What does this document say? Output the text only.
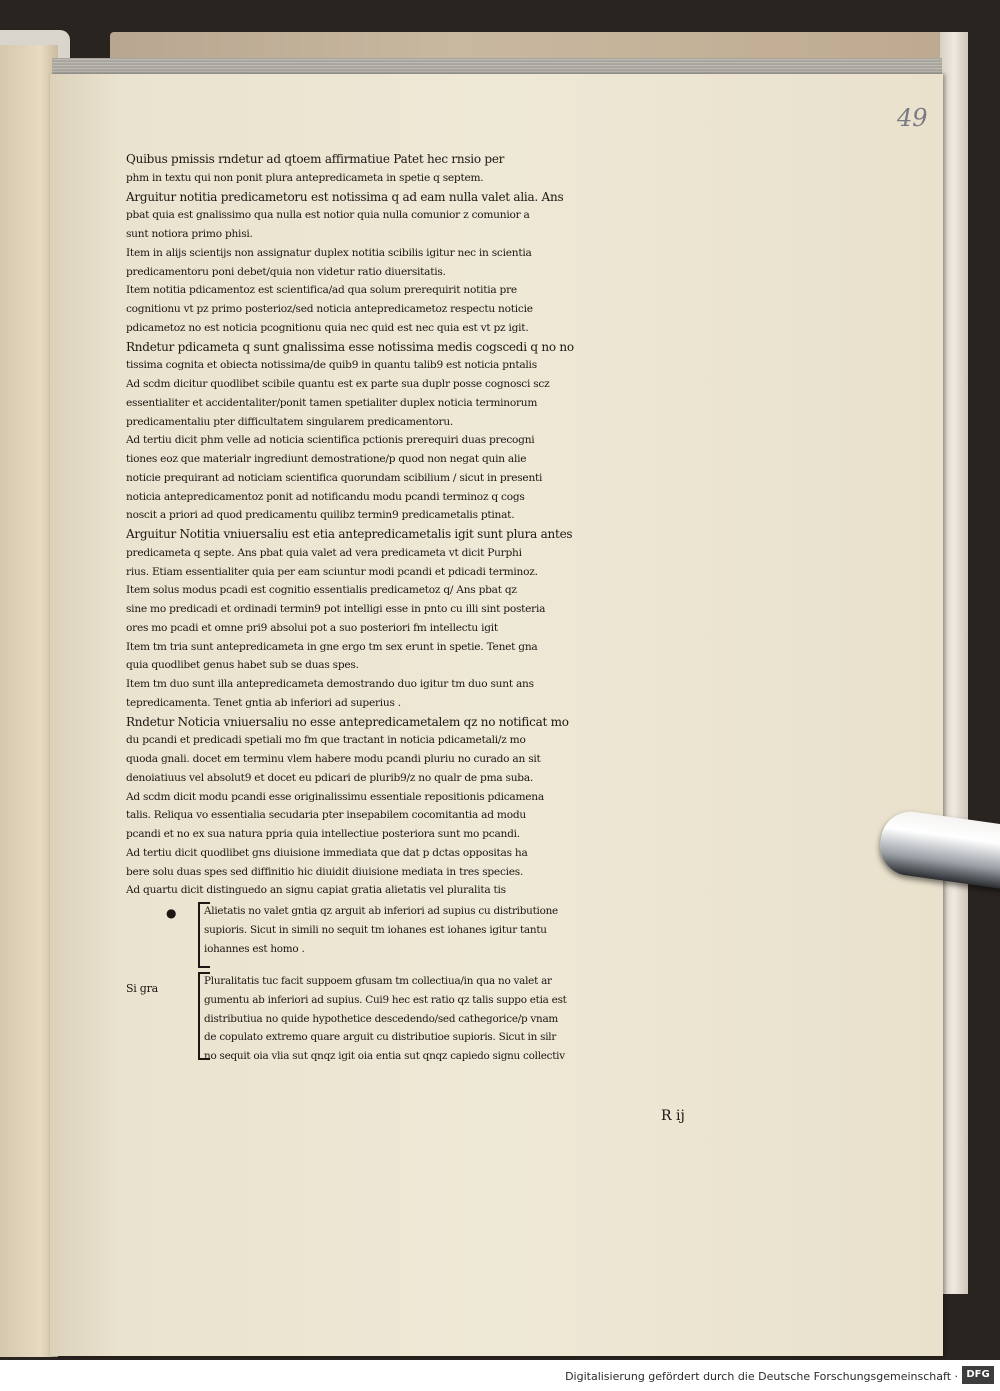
49
Quibus pmissis rndetur ad qtoem affirmatiue Patet hec rnsio per
phm in textu qui non ponit plura antepredicameta in spetie q septem.
Arguitur notitia predicametoru est notissima q ad eam nulla valet alia. Ans
pbat quia est gnalissimo qua nulla est notior quia nulla comunior z comunior a
sunt notiora primo phisi.
Item in alijs scientijs non assignatur duplex notitia scibilis igitur nec in scientia
predicamentoru poni debet/quia non videtur ratio diuersitatis.
Item notitia pdicamentoz est scientifica/ad qua solum prerequirit notitia pre
cognitionu vt pz primo posterioz/sed noticia antepredicametoz respectu noticie
pdicametoz no est noticia pcognitionu quia nec quid est nec quia est vt pz igit.
Rndetur pdicameta q sunt gnalissima esse notissima medis cogscedi q no no
tissima cognita et obiecta notissima/de quib9 in quantu talib9 est noticia pntalis
Ad scdm dicitur quodlibet scibile quantu est ex parte sua duplr posse cognosci scz
essentialiter et accidentaliter/ponit tamen spetialiter duplex noticia terminorum
predicamentaliu pter difficultatem singularem predicamentoru.
Ad tertiu dicit phm velle ad noticia scientifica pctionis prerequiri duas precogni
tiones eoz que materialr ingrediunt demostratione/p quod non negat quin alie
noticie prequirant ad noticiam scientifica quorundam scibilium / sicut in presenti
noticia antepredicamentoz ponit ad notificandu modu pcandi terminoz q cogs
noscit a priori ad quod predicamentu quilibz termin9 predicametalis ptinat.
Arguitur Notitia vniuersaliu est etia antepredicametalis igit sunt plura antes
predicameta q septe. Ans pbat quia valet ad vera predicameta vt dicit Purphi
rius. Etiam essentialiter quia per eam sciuntur modi pcandi et pdicadi terminoz.
Item solus modus pcadi est cognitio essentialis predicametoz q/ Ans pbat qz
sine mo predicadi et ordinadi termin9 pot intelligi esse in pnto cu illi sint posteria
ores mo pcadi et omne pri9 absolui pot a suo posteriori fm intellectu igit
Item tm tria sunt antepredicameta in gne ergo tm sex erunt in spetie. Tenet gna
quia quodlibet genus habet sub se duas spes.
Item tm duo sunt illa antepredicameta demostrando duo igitur tm duo sunt ans
tepredicamenta. Tenet gntia ab inferiori ad superius .
Rndetur Noticia vniuersaliu no esse antepredicametalem qz no notificat mo
du pcandi et predicadi spetiali mo fm que tractant in noticia pdicametali/z mo
quoda gnali. docet em terminu vlem habere modu pcandi pluriu no curado an sit
denoiatiuus vel absolut9 et docet eu pdicari de plurib9/z no qualr de pma suba.
Ad scdm dicit modu pcandi esse originalissimu essentiale repositionis pdicamena
talis. Reliqua vo essentialia secudaria pter insepabilem cocomitantia ad modu
pcandi et no ex sua natura ppria quia intellectiue posteriora sunt mo pcandi.
Ad tertiu dicit quodlibet gns diuisione immediata que dat p dctas oppositas ha
bere solu duas spes sed diffinitio hic diuidit diuisione mediata in tres species.
Ad quartu dicit distinguedo an signu capiat gratia alietatis vel pluralita tis
●	Alietatis no valet gntia qz arguit ab inferiori ad supius cu distributione
supioris. Sicut in simili no sequit tm iohanes est iohanes igitur tantu
iohannes est homo .
Si gra
Pluralitatis tuc facit suppoem gfusam tm collectiua/in qua no valet ar
gumentu ab inferiori ad supius. Cui9 hec est ratio qz talis suppo etia est
distributiua no quide hypothetice descedendo/sed cathegorice/p vnam
de copulato extremo quare arguit cu distributioe supioris. Sicut in silr
no sequit oia vlia sut qnqz igit oia entia sut qnqz capiedo signu collectiv
R ij
Digitalisierung gefördert durch die Deutsche Forschungsgemeinschaft · DFG
